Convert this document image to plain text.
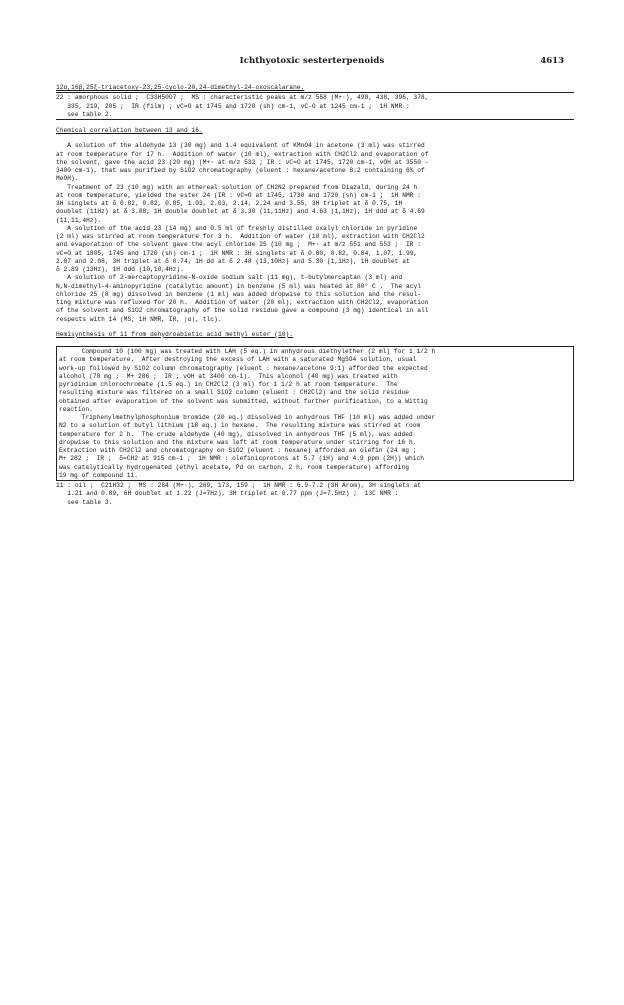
Ichthyotoxic sesterterpenoids	4613
12α,16β,25ξ-triacetoxy-23,25-cyclo-20,24-dimethyl-24-oxoscalarane.
22 : amorphous solid ;  C33H50O7 ;  MS : characteristic peaks at m/z 558 (M+·), 498, 438, 396, 378,
335, 219, 205 ;  IR (film) ; νC=O at 1745 and 1720 (sh) cm-1, νC-O at 1245 cm-1 ;  1H NMR :
see table 2.
Chemical correlation between 13 and 16.
A solution of the aldehyde 13 (30 mg) and 1.4 equivalent of KMnO4 in acetone (3 ml) was stirred
at room temperature for 17 h.  Addition of water (10 ml), extraction with CH2Cl2 and evaporation of
the solvent, gave the acid 23 (20 mg) (M+· at m/z 532 ; IR : νC=O at 1745, 1720 cm-1, νOH at 3550 -
3400 cm-1), that was purified by SiO2 chromatography (eluent : hexane/acetone 8:2 containing 6% of
MeOH).
Treatment of 23 (10 mg) with an ethereal solution of CH2N2 prepared from Diazald, during 24 h
at room temperature, yielded the ester 24 (IR : νC=O at 1745, 1730 and 1720 (sh) cm-1 ;  1H NMR :
3H singlets at δ 0.82, 0.82, 0.85, 1.03, 2.03, 2.14, 2.24 and 3.55, 3H triplet at δ 0.75, 1H
doublet (11Hz) at δ 3.08, 1H double doublet at δ 3.30 (11,11Hz) and 4.63 (1,1Hz), 1H ddd at δ 4.69
(11,11,4Hz).
A solution of the acid 23 (14 mg) and 0.5 ml of freshly distilled oxalyl chloride in pyridine
(2 ml) was stirred at room temperature for 3 h.  Addition of water (10 ml), extraction with CH2Cl2
and evaporation of the solvent gave the acyl chloride 25 (10 mg ;  M+· at m/z 551 and 553 ;  IR :
νC=O at 1805, 1745 and 1720 (sh) cm-1 ;  1H NMR : 3H singlets at δ 0.80, 0.82, 0.84, 1.07, 1.99,
2.07 and 2.08, 3H triplet at δ 0.74, 1H dd at δ 2.48 (13,10Hz) and 5.30 (1,1Hz), 1H doublet at
δ 2.89 (13Hz), 1H ddd (10,10,4Hz).
A solution of 2-mercaptopyridine-N-oxide sodium salt (11 mg), t-butylmercaptan (3 ml) and
N,N-dimethyl-4-aminopyridine (catalytic amount) in benzene (5 ml) was heated at 80° C .  The acyl
chloride 25 (8 mg) dissolved in benzene (1 ml) was added dropwise to this solution and the resul-
ting mixture was refluxed for 20 h.  Addition of water (20 ml), extraction with CH2Cl2, evaporation
of the solvent and SiO2 chromatography of the solid residue gave a compound (3 mg) identical in all
respects with 14 (MS, 1H NMR, IR, |α|, tlc).
Hemisynthesis of 11 from dehydroabietic acid methyl ester (10).
Compound 10 (100 mg) was treated with LAH (5 eq.) in anhydrous diethylether (2 ml) for 1 1/2 h
at room temperature.  After destroying the excess of LAH with a saturated MgSO4 solution, usual
work-up followed by SiO2 column chromatography (eluent : hexane/acetone 9:1) afforded the expected
alcohol (78 mg ;  M+ 286 ;  IR ; νOH at 3400 cm-1).  This alcohol (40 mg) was treated with
pyridinium chlorochromate (1.5 eq.) in CH2Cl2 (3 ml) for 1 1/2 h at room temperature.  The
resulting mixture was filtered on a small SiO2 column (eluent : CH2Cl2) and the solid residue
obtained after evaporation of the solvent was submitted, without further purification, to a Wittig
reaction.
Triphenylmethylphosphonium bromide (20 eq.) dissolved in anhydrous THF (10 ml) was added under
N2 to a solution of butyl lithium (18 eq.) in hexane.  The resulting mixture was stirred at room
temperature for 2 h.  The crude aldehyde (40 mg), dissolved in anhydrous THF (5 ml), was added
dropwise to this solution and the mixture was left at room temperature under stirring for 16 h.
Extraction with CH2Cl2 and chromatography on SiO2 (eluent : hexane) afforded an olefin (24 mg ;
M+ 282 ;  IR ;  δ=CH2 at 915 cm-1 ;  1H NMR : olefinicprotons at 5.7 (1H) and 4.9 ppm (2H)) which
was catalytically hydrogenated (ethyl acetate, Pd on carbon, 2 h, room temperature) affording
19 mg of compound 11.
11 : oil ;  C21H32 ;  MS : 284 (M+·), 269, 173, 159 ;  1H NMR : 6.9-7.2 (3H Arom), 3H singlets at
1.21 and 0.89, 6H doublet at 1.22 (J=7Hz), 3H triplet at 0.77 ppm (J=7.5Hz) ;  13C NMR :
see table 3.
